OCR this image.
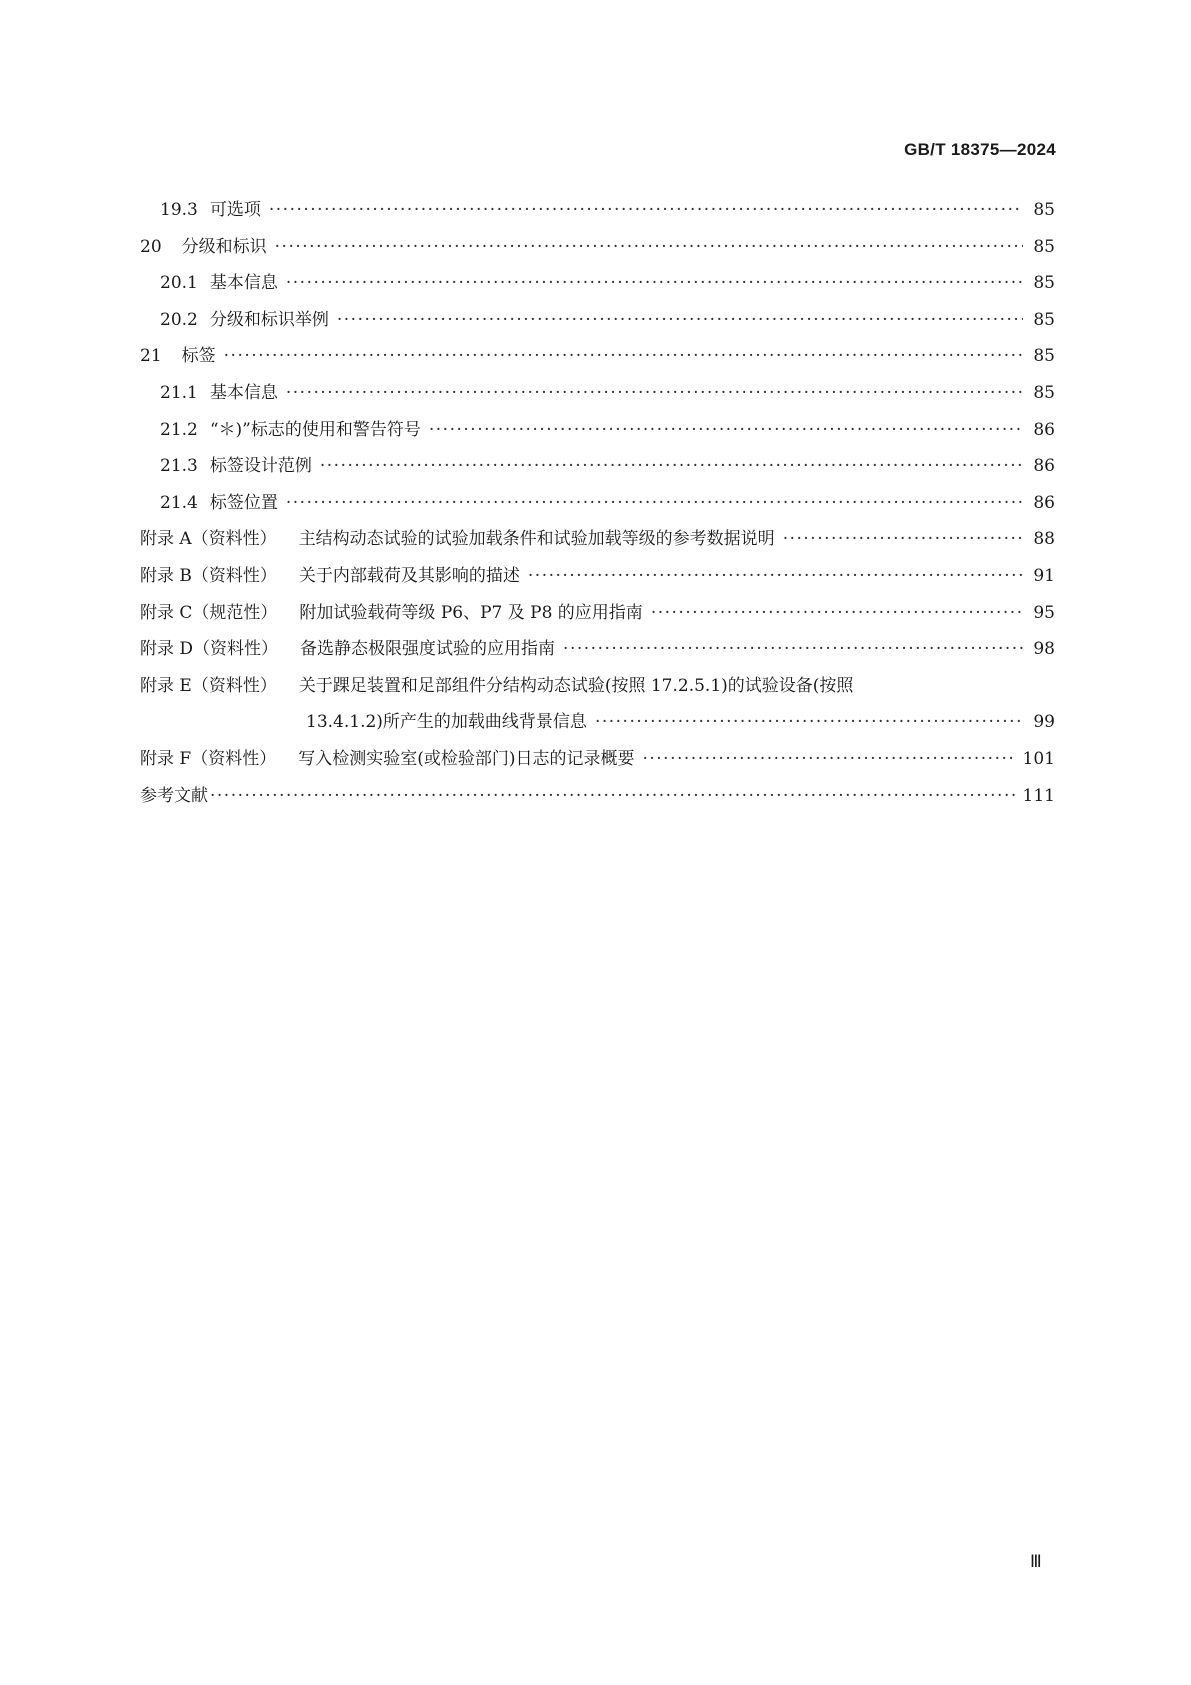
GB/T 18375—2024
19.3 可选项 ·····	85
20 分级和标识 ·····	85
20.1 基本信息 ·····	85
20.2 分级和标识举例 ·····	85
21 标签 ·····	85
21.1 基本信息 ·····	85
21.2 “＊)”标志的使用和警告符号 ·····	86
21.3 标签设计范例 ·····	86
21.4 标签位置 ·····	86
附录 A（资料性） 主结构动态试验的试验加载条件和试验加载等级的参考数据说明 ·····	88
附录 B（资料性） 关于内部载荷及其影响的描述 ·····	91
附录 C（规范性） 附加试验载荷等级 P6、P7 及 P8 的应用指南 ·····	95
附录 D（资料性） 备选静态极限强度试验的应用指南 ·····	98
附录 E（资料性） 关于踝足装置和足部组件分结构动态试验(按照 17.2.5.1)的试验设备(按照
13.4.1.2)所产生的加载曲线背景信息 ·····	99
附录 F（资料性） 写入检测实验室(或检验部门)日志的记录概要 ·····	101
参考文献 ·····	111
Ⅲ
